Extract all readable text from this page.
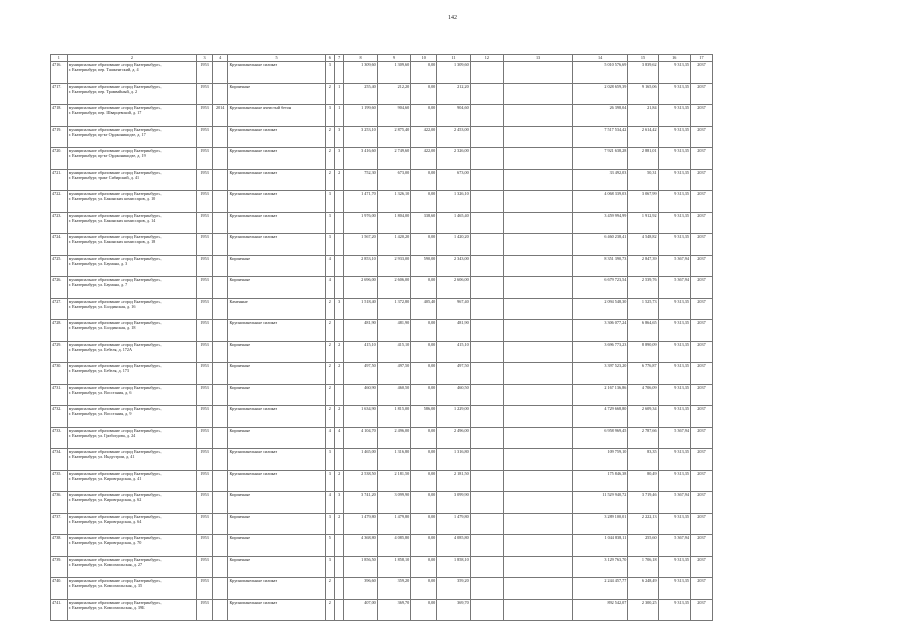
142
1	2	3	4	5	6	7	8	9	10	11	12	13	14	15	16	17
4716.	муниципальное образование «город Екатеринбург»,
г. Екатеринбург, пер. Ташкентский, д. 4	1953		Крупнопанельные силикат	3		1 309,60	1 309,60	0,00	1 309,60			5 010 576,69	3 839,62	9 313,35	2037
4717.	муниципальное образование «город Екатеринбург»,
г. Екатеринбург, пер. Трамвайный, д. 2	1953		Кирпичные	2	1	255,40	212,20	0,00	212,20			2 028 659,39	9 165,06	9 313,35	2037
4718.	муниципальное образование «город Екатеринбург»,
г. Екатеринбург, пер. Шварцевский, д. 17	1953	2014	Крупнопанельные ячеистый бетон	3	1	1 199,60	904,60	0,00	904,60			26 398,04	21,84	9 313,35	2037
4719.	муниципальное образование «город Екатеринбург»,
г. Екатеринбург, пр-кт Орджоникидзе, д. 17	1953		Крупнопанельные силикат	2	3	3 253,10	2 875,40	422,00	2 453,00			7 517 534,42	2 614,42	9 313,35	2037
4720.	муниципальное образование «город Екатеринбург»,
г. Екатеринбург, пр-кт Орджоникидзе, д. 19	1953		Крупнопанельные силикат	2	3	3 416,60	2 749,60	422,00	2 326,00			7 921 638,28	2 881,01	9 313,35	2037
4721.	муниципальное образование «город Екатеринбург»,
г. Екатеринбург, тракт Сибирский, д. 41	1953		Крупнопанельные силикат	2	2	752,30	673,00	0,00	673,00			33 492,03	50,31	9 313,35	2037
4722.	муниципальное образование «город Екатеринбург»,
г. Екатеринбург, ул. Бакинских комиссаров, д. 10	1953		Крупнопанельные силикат	3		1 471,70	1 326,10	0,00	1 326,10			4 068 339,03	3 067,99	9 313,35	2037
4723.	муниципальное образование «город Екатеринбург»,
г. Екатеринбург, ул. Бакинских комиссаров, д. 14	1953		Крупнопанельные силикат	3		1 976,00	1 804,00	338,60	1 465,40			3 459 994,99	1 912,92	9 313,35	2037
4724.	муниципальное образование «город Екатеринбург»,
г. Екатеринбург, ул. Бакинских комиссаров, д. 18	1953		Крупнопанельные силикат	3		1 567,20	1 420,20	0,00	1 420,20			6 460 238,41	4 548,82	9 313,35	2037
4725.	муниципальное образование «город Екатеринбург»,
г. Екатеринбург, ул. Баумана, д. 3	1953		Кирпичные	4		2 853,10	2 933,00	590,00	2 343,00			8 351 390,73	2 847,39	5 367,94	2037
4726.	муниципальное образование «город Екатеринбург»,
г. Екатеринбург, ул. Баумана, д. 7	1953		Кирпичные	4		2 696,00	2 606,00	0,00	2 606,00			6 679 723,54	2 539,76	5 367,94	2037
4727.	муниципальное образование «город Екатеринбург»,
г. Екатеринбург, ул. Болдинская, д. 16	1953		Каменные	2	3	1 518,40	1 372,80	405,40	967,40			2 094 548,30	1 525,73	9 313,35	2037
4728.	муниципальное образование «город Екатеринбург»,
г. Екатеринбург, ул. Болдинская, д. 18	1953		Крупнопанельные силикат	2		481,90	481,90	0,00	481,90			3 306 077,24	6 864,65	9 313,35	2037
4729.	муниципальное образование «город Екатеринбург»,
г. Екатеринбург, ул. Бебеля, д. 172А	1953		Кирпичные	2	2	415,10	415,10	0,00	415,10			3 696 773,23	8 890,09	9 313,35	2037
4730.	муниципальное образование «город Екатеринбург»,
г. Екатеринбург, ул. Бебеля, д. 173	1953		Кирпичные	2	2	497,50	497,50	0,00	497,50			3 397 523,20	6 776,87	9 313,35	2037
4731.	муниципальное образование «город Екатеринбург»,
г. Екатеринбург, ул. Восстания, д. 6	1953		Кирпичные	2		460,90	460,50	0,00	460,50			2 167 136,86	4 706,09	9 313,35	2037
4732.	муниципальное образование «город Екатеринбург»,
г. Екатеринбург, ул. Восстания, д. 9	1953		Крупнопанельные силикат	2	2	1 634,90	1 815,00	586,00	1 229,00			4 729 668,80	2 609,34	9 313,35	2037
4733.	муниципальное образование «город Екатеринбург»,
г. Екатеринбург, ул. Грибоедова, д. 24	1953		Кирпичные	4	4	4 104,70	2 496,00	0,00	2 496,00			6 958 969,45	2 787,66	5 367,94	2037
4734.	муниципальное образование «город Екатеринбург»,
г. Екатеринбург, ул. Индустрии, д. 41	1953		Крупнопанельные силикат	3		1 465,00	1 316,80	0,00	1 316,80			109 759,10	83,35	9 313,35	2037
4735.	муниципальное образование «город Екатеринбург»,
г. Екатеринбург, ул. Кировградская, д. 41	1953		Крупнопанельные силикат	3	2	2 538,50	2 181,50	0,00	2 181,50			175 846,38	80,49	9 313,35	2037
4736.	муниципальное образование «город Екатеринбург»,
г. Екатеринбург, ул. Кировградская, д. 62	1953		Кирпичные	4	3	3 741,20	3 099,90	0,00	3 099,90			11 529 940,72	3 719,46	5 367,94	2037
4737.	муниципальное образование «город Екатеринбург»,
г. Екатеринбург, ул. Кировградская, д. 64	1953		Кирпичные	3	2	1 479,80	1 479,80	0,00	1 479,80			3 289 100,01	2 222,13	9 313,35	2037
4738.	муниципальное образование «город Екатеринбург»,
г. Екатеринбург, ул. Кировградская, д. 70	1953		Кирпичные	5		4 368,80	4 085,80	0,00	4 085,80			1 044 838,11	255,60	5 367,94	2037
4739.	муниципальное образование «город Екатеринбург»,
г. Екатеринбург, ул. Комсомольская, д. 27	1953		Кирпичные	3		1 856,50	1 858,10	0,00	1 858,10			3 129 763,70	1 706,18	9 313,35	2037
4740.	муниципальное образование «город Екатеринбург»,
г. Екатеринбург, ул. Комсомольская, д. 35	1953		Крупнопанельные силикат	2		396,60	359,20	0,00	359,20			2 244 457,77	6 248,49	9 313,35	2037
4741.	муниципальное образование «город Екатеринбург»,
г. Екатеринбург, ул. Комсомольская, д. 39Б	1953		Крупнопанельные силикат	2		407,00	369,70	0,00	369,70			892 542,07	2 300,25	9 313,35	2037
